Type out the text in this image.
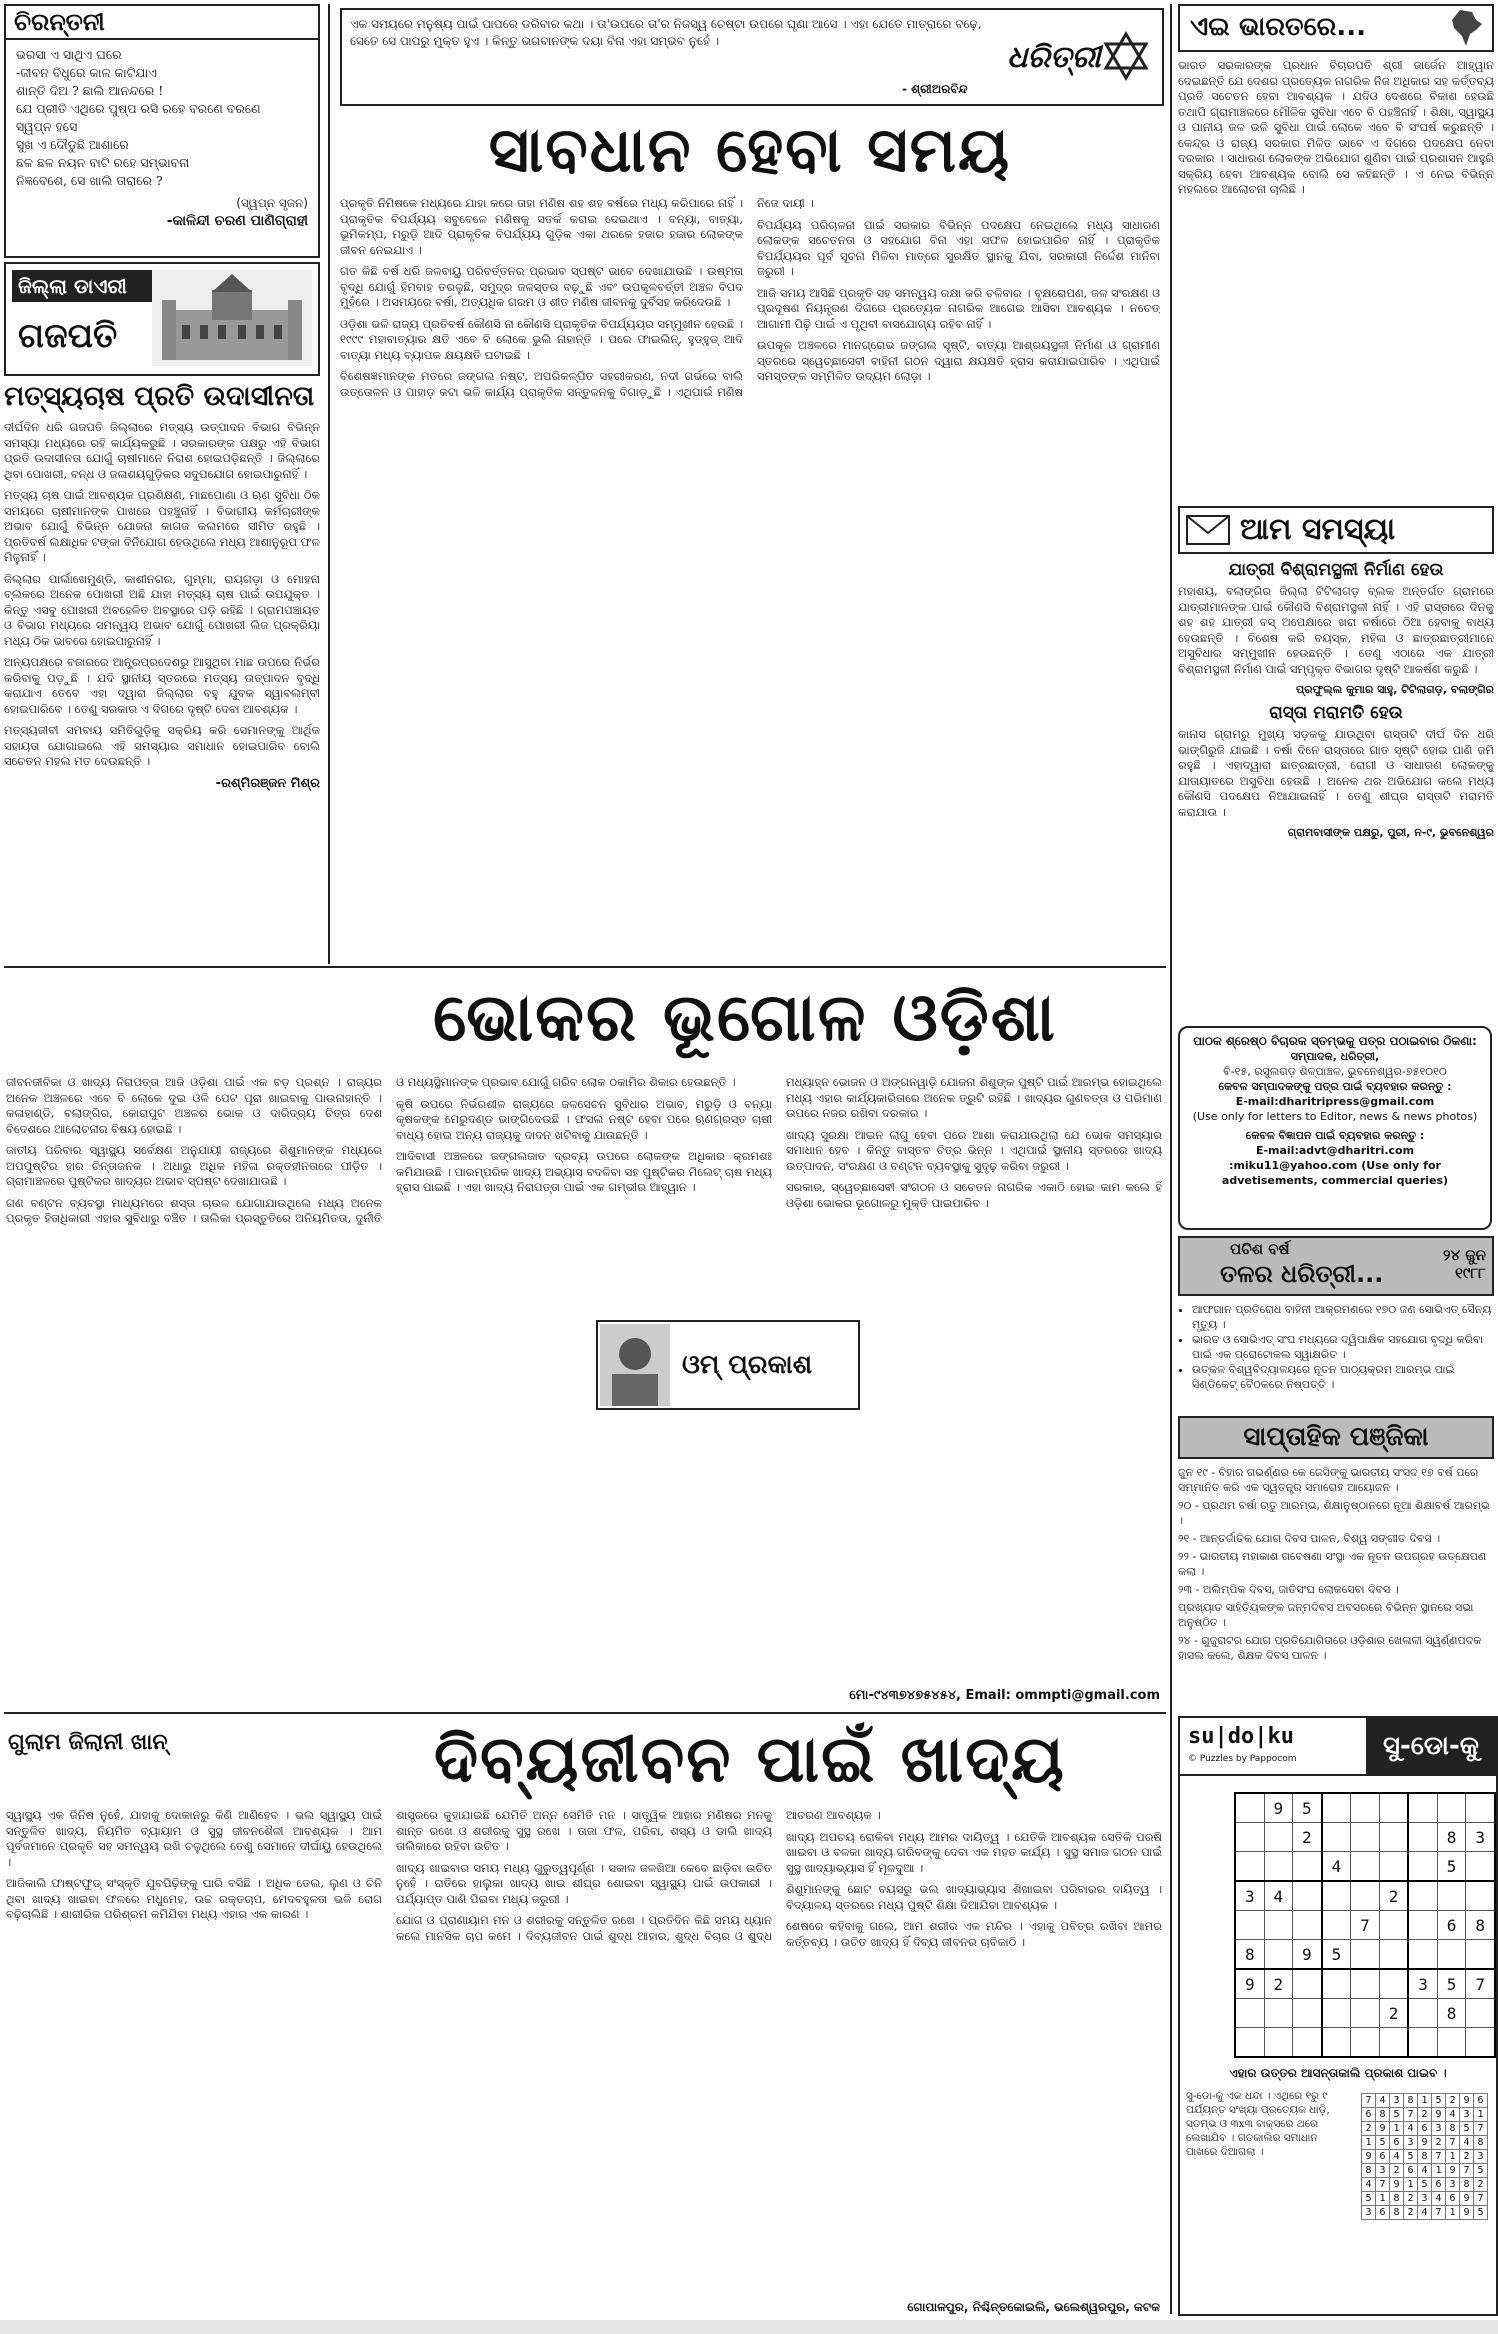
ଚିରନ୍ତନୀ
ଭରସା ଏ ସାଥିଏ ଘରେ
-ଜୀବନ ବିଧୁରେ କାଳ କାଟିଯାଏ
ଶାନ୍ତି ଦିଅ ? ଛାଲି ଆନନ୍ଦରେ !
ଯେ ପ୍ରୀତି ଏଥିରେ ପୁଷ୍ପ ରସି ରହେ ବରଣେ ବରଣେ
ସ୍ୱପ୍ନ ହସେ
ସୁଖ ଏ ଦୌଡୁଛି ଆଶାରେ
ଛଳ ଛଳ ନୟନ ବାଟି ରହେ ସମ୍ଭାବନା
ନିଜ୍ଞବେଶେ, ସେ ଖାଲି ତାରାରେ ?
(ସ୍ୱପ୍ନ ସୃଜନ)
-କାଳିନ୍ଦୀ ଚରଣ ପାଣିଗ୍ରାହୀ
ଜିଲ୍ଲା ଡାଏରୀ
ଗଜପତି
ମତ୍ସ୍ୟଚାଷ ପ୍ରତି ଉଦାସୀନତା

ଦୀର୍ଘଦିନ ଧରି ଗଜପତି ଜିଲ୍ଲାରେ ମତ୍ସ୍ୟ ଉତ୍ପାଦନ ବିଭାଗ ବିଭିନ୍ନ ସମସ୍ୟା ମଧ୍ୟରେ ରହି କାର୍ଯ୍ୟକରୁଛି । ସରକାରଙ୍କ ପକ୍ଷରୁ ଏହି ବିଭାଗ ପ୍ରତି ଉଦାସୀନତା ଯୋଗୁଁ ଚାଷୀମାନେ ନିରାଶ ହୋଇପଡ଼ିଛନ୍ତି । ଜିଲ୍ଲାରେ ଥିବା ପୋଖରୀ, ବନ୍ଧ ଓ ଜଳାଶୟଗୁଡ଼ିକର ସଦୁପଯୋଗ ହୋଇପାରୁନାହିଁ ।

ମତ୍ସ୍ୟ ଚାଷ ପାଇଁ ଆବଶ୍ୟକ ପ୍ରଶିକ୍ଷଣ, ମାଛପୋଣା ଓ ଋଣ ସୁବିଧା ଠିକ ସମୟରେ ଚାଷୀମାନଙ୍କ ପାଖରେ ପହଞ୍ଚୁନାହିଁ । ବିଭାଗୀୟ କର୍ମଚାରୀଙ୍କ ଅଭାବ ଯୋଗୁଁ ବିଭିନ୍ନ ଯୋଜନା କାଗଜ କଲମରେ ସୀମିତ ରହୁଛି । ପ୍ରତିବର୍ଷ ଲକ୍ଷାଧିକ ଟଙ୍କା ବିନିଯୋଗ ହେଉଥିଲେ ମଧ୍ୟ ଆଶାନୁରୂପ ଫଳ ମିଳୁନାହିଁ ।

ଜିଲ୍ଲାର ପାର୍ଲାଖେମୁଣ୍ଡି, କାଶୀନଗର, ଗୁମ୍ମା, ରାୟଗଡ଼ା ଓ ମୋହନା ବ୍ଲକରେ ଅନେକ ପୋଖରୀ ଅଛି ଯାହା ମତ୍ସ୍ୟ ଚାଷ ପାଇଁ ଉପଯୁକ୍ତ । କିନ୍ତୁ ଏସବୁ ପୋଖରୀ ଅବହେଳିତ ଅବସ୍ଥାରେ ପଡ଼ି ରହିଛି । ଗ୍ରାମପଞ୍ଚାୟତ ଓ ବିଭାଗ ମଧ୍ୟରେ ସମନ୍ୱୟ ଅଭାବ ଯୋଗୁଁ ପୋଖରୀ ଲିଜ ପ୍ରକ୍ରିୟା ମଧ୍ୟ ଠିକ ଭାବରେ ହୋଇପାରୁନାହିଁ ।

ଅନ୍ୟପକ୍ଷରେ ବଜାରରେ ଆନ୍ଧ୍ରପ୍ରଦେଶରୁ ଆସୁଥିବା ମାଛ ଉପରେ ନିର୍ଭର କରିବାକୁ ପଡ଼ୁଛି । ଯଦି ସ୍ଥାନୀୟ ସ୍ତରରେ ମତ୍ସ୍ୟ ଉତ୍ପାଦନ ବୃଦ୍ଧି କରାଯାଏ ତେବେ ଏହା ଦ୍ୱାରା ଜିଲ୍ଲାର ବହୁ ଯୁବକ ସ୍ୱାବଲମ୍ବୀ ହୋଇପାରିବେ । ତେଣୁ ସରକାର ଏ ଦିଗରେ ଦୃଷ୍ଟି ଦେବା ଆବଶ୍ୟକ ।

ମତ୍ସ୍ୟଜୀବୀ ସମବାୟ ସମିତିଗୁଡ଼ିକୁ ସକ୍ରିୟ କରି ସେମାନଙ୍କୁ ଆର୍ଥିକ ସହାୟତା ଯୋଗାଇଲେ ଏହି ସମସ୍ୟାର ସମାଧାନ ହୋଇପାରିବ ବୋଲି ସଚେତନ ମହଲ ମତ ଦେଉଛନ୍ତି ।

-ରଶ୍ମିରଞ୍ଜନ ମିଶ୍ର
ଏକ ସମୟରେ ମନୁଷ୍ୟ ପାଇଁ ପାପରେ ଡରିବାର କଥା । ତା'ଉପରେ ତା'ର ନିଜସ୍ୱ ଚେଷ୍ଟା ଉପରେ ଘୃଣା ଆସେ । ଏହା ଯେତେ ମାତ୍ରାରେ ବଢ଼େ, ସେତେ ସେ ପାପରୁ ମୁକ୍ତ ହୁଏ । କିନ୍ତୁ ଭଗବାନଙ୍କ ଦୟା ବିନା ଏହା ସମ୍ଭବ ନୁହେଁ ।
- ଶ୍ରୀଅରବିନ୍ଦ
ଧରିତ୍ରୀ
ସାବଧାନ ହେବା ସମୟ

ପ୍ରକୃତି ନିମିଷକେ ମଧ୍ୟରେ ଯାହା କରେ ତାହା ମଣିଷ ଶହ ଶହ ବର୍ଷରେ ମଧ୍ୟ କରିପାରେ ନାହିଁ । ପ୍ରାକୃତିକ ବିପର୍ଯ୍ୟୟ ସବୁବେଳେ ମଣିଷକୁ ସତର୍କ କରାଇ ଦେଇଥାଏ । ବନ୍ୟା, ବାତ୍ୟା, ଭୂମିକମ୍ପ, ମରୁଡ଼ି ଆଦି ପ୍ରାକୃତିକ ବିପର୍ଯ୍ୟୟ ଗୁଡ଼ିକ ଏକା ଥରକେ ହଜାର ହଜାର ଲୋକଙ୍କ ଜୀବନ ନେଇଯାଏ ।

ଗତ କିଛି ବର୍ଷ ଧରି ଜଳବାୟୁ ପରିବର୍ତ୍ତନର ପ୍ରଭାବ ସ୍ପଷ୍ଟ ଭାବେ ଦେଖାଯାଉଛି । ଉଷ୍ମତା ବୃଦ୍ଧି ଯୋଗୁଁ ହିମବାହ ତରଳୁଛି, ସମୁଦ୍ର ଜଳସ୍ତର ବଢ଼ୁଛି ଏବଂ ଉପକୂଳବର୍ତ୍ତୀ ଅଞ୍ଚଳ ବିପଦ ମୁହଁରେ । ଅସମୟରେ ବର୍ଷା, ଅତ୍ୟଧିକ ଗରମ ଓ ଶୀତ ମଣିଷ ଜୀବନକୁ ଦୁର୍ବିସହ କରିଦେଉଛି ।

ଓଡ଼ିଶା ଭଳି ରାଜ୍ୟ ପ୍ରତିବର୍ଷ କୌଣସି ନା କୌଣସି ପ୍ରାକୃତିକ ବିପର୍ଯ୍ୟୟର ସମ୍ମୁଖୀନ ହେଉଛି । ୧୯୯୯ ମହାବାତ୍ୟାର କ୍ଷତି ଏବେ ବି ଲୋକେ ଭୁଲି ନାହାନ୍ତି । ପରେ ଫାଇଲିନ୍, ହୁଡ୍‌ହୁଡ୍ ଆଦି ବାତ୍ୟା ମଧ୍ୟ ବ୍ୟାପକ କ୍ଷୟକ୍ଷତି ଘଟାଇଛି ।

ବିଶେଷଜ୍ଞମାନଙ୍କ ମତରେ ଜଙ୍ଗଲ ନଷ୍ଟ, ଅପରିକଳ୍ପିତ ସହରୀକରଣ, ନଦୀ ଗର୍ଭରେ ବାଲି ଉତ୍ତୋଳନ ଓ ପାହାଡ଼ କଟା ଭଳି କାର୍ଯ୍ୟ ପ୍ରାକୃତିକ ସନ୍ତୁଳନକୁ ବିଗାଡ଼ୁଛି । ଏଥିପାଇଁ ମଣିଷ ନିଜେ ଦାୟୀ ।

ବିପର୍ଯ୍ୟୟ ପରିଚାଳନା ପାଇଁ ସରକାର ବିଭିନ୍ନ ପଦକ୍ଷେପ ନେଇଥିଲେ ମଧ୍ୟ ସାଧାରଣ ଲୋକଙ୍କ ସଚେତନତା ଓ ସହଯୋଗ ବିନା ଏହା ସଫଳ ହୋଇପାରିବ ନାହିଁ । ପ୍ରାକୃତିକ ବିପର୍ଯ୍ୟୟର ପୂର୍ବ ସୂଚନା ମିଳିବା ମାତ୍ରେ ସୁରକ୍ଷିତ ସ୍ଥାନକୁ ଯିବା, ସରକାରୀ ନିର୍ଦ୍ଦେଶ ମାନିବା ଜରୁରୀ ।

ଆଜି ସମୟ ଆସିଛି ପ୍ରକୃତି ସହ ସମନ୍ୱୟ ରକ୍ଷା କରି ଚଳିବାର । ବୃକ୍ଷରୋପଣ, ଜଳ ସଂରକ୍ଷଣ ଓ ପ୍ରଦୂଷଣ ନିୟନ୍ତ୍ରଣ ଦିଗରେ ପ୍ରତ୍ୟେକ ନାଗରିକ ଆଗେଇ ଆସିବା ଆବଶ୍ୟକ । ନଚେତ୍ ଆଗାମୀ ପିଢ଼ି ପାଇଁ ଏ ପୃଥିବୀ ବାସଯୋଗ୍ୟ ରହିବ ନାହିଁ ।

ଉପକୂଳ ଅଞ୍ଚଳରେ ମାନଗ୍ରୋଭ ଜଙ୍ଗଲ ସୃଷ୍ଟି, ବାତ୍ୟା ଆଶ୍ରୟସ୍ଥଳୀ ନିର୍ମାଣ ଓ ଗ୍ରାମୀଣ ସ୍ତରରେ ସ୍ୱେଚ୍ଛାସେବୀ ବାହିନୀ ଗଠନ ଦ୍ୱାରା କ୍ଷୟକ୍ଷତି ହ୍ରାସ କରାଯାଇପାରିବ । ଏଥିପାଇଁ ସମସ୍ତଙ୍କ ସମ୍ମିଳିତ ଉଦ୍ୟମ ଲୋଡ଼ା ।

ଭୋକର ଭୂଗୋଳ ଓଡ଼ିଶା

ଜୀବନଜୀବିକା ଓ ଖାଦ୍ୟ ନିରାପତ୍ତା ଆଜି ଓଡ଼ିଶା ପାଇଁ ଏକ ବଡ଼ ପ୍ରଶ୍ନ । ରାଜ୍ୟର ଅନେକ ଅଞ୍ଚଳରେ ଏବେ ବି ଲୋକେ ଦୁଇ ଓଳି ପେଟ ପୂରା ଖାଇବାକୁ ପାଉନାହାନ୍ତି । କଳାହାଣ୍ଡି, ବଲାଙ୍ଗିର, କୋରାପୁଟ ଅଞ୍ଚଳର ଭୋକ ଓ ଦାରିଦ୍ର୍ୟ ଚିତ୍ର ଦେଶ ବିଦେଶରେ ଆଲୋଚନାର ବିଷୟ ହୋଇଛି ।

ଜାତୀୟ ପରିବାର ସ୍ୱାସ୍ଥ୍ୟ ସର୍ବେକ୍ଷଣ ଅନୁଯାୟୀ ରାଜ୍ୟରେ ଶିଶୁମାନଙ୍କ ମଧ୍ୟରେ ଅପପୁଷ୍ଟିର ହାର ଚିନ୍ତାଜନକ । ଅଧାରୁ ଅଧିକ ମହିଳା ରକ୍ତହୀନତାରେ ପୀଡ଼ିତ । ଗ୍ରାମାଞ୍ଚଳରେ ପୁଷ୍ଟିକର ଖାଦ୍ୟର ଅଭାବ ସ୍ପଷ୍ଟ ଦେଖାଯାଉଛି ।

ଗଣ ବଣ୍ଟନ ବ୍ୟବସ୍ଥା ମାଧ୍ୟମରେ ଶସ୍ତା ଚାଉଳ ଯୋଗାଯାଉଥିଲେ ମଧ୍ୟ ଅନେକ ପ୍ରକୃତ ହିତାଧିକାରୀ ଏହାର ସୁବିଧାରୁ ବଞ୍ଚିତ । ତାଲିକା ପ୍ରସ୍ତୁତିରେ ଅନିୟମିତତା, ଦୁର୍ନୀତି ଓ ମଧ୍ୟସ୍ଥିମାନଙ୍କ ପ୍ରଭାବ ଯୋଗୁଁ ଗରିବ ଲୋକ ଠକାମିର ଶିକାର ହେଉଛନ୍ତି ।

କୃଷି ଉପରେ ନିର୍ଭରଶୀଳ ରାଜ୍ୟରେ ଜଳସେଚନ ସୁବିଧାର ଅଭାବ, ମରୁଡ଼ି ଓ ବନ୍ୟା କୃଷକଙ୍କ ମେରୁଦଣ୍ଡ ଭାଙ୍ଗିଦେଉଛି । ଫସଲ ନଷ୍ଟ ହେବା ପରେ ଋଣଗ୍ରସ୍ତ ଚାଷୀ ବାଧ୍ୟ ହୋଇ ଅନ୍ୟ ରାଜ୍ୟକୁ ଦାଦନ ଖଟିବାକୁ ଯାଉଛନ୍ତି ।

ଆଦିବାସୀ ଅଞ୍ଚଳରେ ଜଙ୍ଗଲଜାତ ଦ୍ରବ୍ୟ ଉପରେ ଲୋକଙ୍କ ଅଧିକାର କ୍ରମଶଃ କମିଯାଉଛି । ପାରମ୍ପରିକ ଖାଦ୍ୟ ଅଭ୍ୟାସ ବଦଳିବା ସହ ପୁଷ୍ଟିକର ମିଲେଟ୍ ଚାଷ ମଧ୍ୟ ହ୍ରାସ ପାଇଛି । ଏହା ଖାଦ୍ୟ ନିରାପତ୍ତା ପାଇଁ ଏକ ଗମ୍ଭୀର ଆହ୍ୱାନ ।

ମଧ୍ୟାହ୍ନ ଭୋଜନ ଓ ଅଙ୍ଗନୱାଡ଼ି ଯୋଜନା ଶିଶୁଙ୍କ ପୁଷ୍ଟି ପାଇଁ ଆରମ୍ଭ ହୋଇଥିଲେ ମଧ୍ୟ ଏହାର କାର୍ଯ୍ୟକାରିତାରେ ଅନେକ ତ୍ରୁଟି ରହିଛି । ଖାଦ୍ୟର ଗୁଣବତ୍ତା ଓ ପରିମାଣ ଉପରେ ନଜର ରଖିବା ଦରକାର ।

ଖାଦ୍ୟ ସୁରକ୍ଷା ଆଇନ ଲାଗୁ ହେବା ପରେ ଆଶା କରାଯାଉଥିଲା ଯେ ଭୋକ ସମସ୍ୟାର ସମାଧାନ ହେବ । କିନ୍ତୁ ବାସ୍ତବ ଚିତ୍ର ଭିନ୍ନ । ଏଥିପାଇଁ ସ୍ଥାନୀୟ ସ୍ତରରେ ଖାଦ୍ୟ ଉତ୍ପାଦନ, ସଂରକ୍ଷଣ ଓ ବଣ୍ଟନ ବ୍ୟବସ୍ଥାକୁ ସୁଦୃଢ଼ କରିବା ଜରୁରୀ ।

ସରକାର, ସ୍ୱେଚ୍ଛାସେବୀ ସଂଗଠନ ଓ ସଚେତନ ନାଗରିକ ଏକାଠି ହୋଇ କାମ କଲେ ହିଁ ଓଡ଼ିଶା ଭୋକର ଭୂଗୋଳରୁ ମୁକ୍ତି ପାଇପାରିବ ।

ଓମ୍ ପ୍ରକାଶ
ମୋ-୯୪୩୭୪୭୫୪୫୪, Email: ommpti@gmail.com
ଗୁଲାମ ଜିଲାନୀ ଖାନ୍	ଦିବ୍ୟଜୀବନ ପାଇଁ ଖାଦ୍ୟ

ସ୍ୱାସ୍ଥ୍ୟ ଏକ ଜିନିଷ ନୁହେଁ, ଯାହାକୁ ଦୋକାନରୁ କିଣି ଆଣିହେବ । ଭଲ ସ୍ୱାସ୍ଥ୍ୟ ପାଇଁ ସନ୍ତୁଳିତ ଖାଦ୍ୟ, ନିୟମିତ ବ୍ୟାୟାମ ଓ ସୁସ୍ଥ ଜୀବନଶୈଳୀ ଆବଶ୍ୟକ । ଆମ ପୂର୍ବଜମାନେ ପ୍ରକୃତି ସହ ସମନ୍ୱୟ ରଖି ଚଳୁଥିଲେ ତେଣୁ ସେମାନେ ଦୀର୍ଘାୟୁ ହେଉଥିଲେ ।

ଆଜିକାଲି ଫାଷ୍ଟଫୁଡ୍ ସଂସ୍କୃତି ଯୁବପିଢ଼ିଙ୍କୁ ଘାରି ବସିଛି । ଅଧିକ ତେଲ, ଲୁଣ ଓ ଚିନି ଥିବା ଖାଦ୍ୟ ଖାଇବା ଫଳରେ ମଧୁମେହ, ଉଚ୍ଚ ରକ୍ତଚାପ, ମେଦବହୁଳତା ଭଳି ରୋଗ ବଢ଼ିଚାଲିଛି । ଶାରୀରିକ ପରିଶ୍ରମ କମିଯିବା ମଧ୍ୟ ଏହାର ଏକ କାରଣ ।

ଶାସ୍ତ୍ରରେ କୁହାଯାଇଛି ଯେମିତି ଅନ୍ନ ସେମିତି ମନ । ସାତ୍ତ୍ୱିକ ଆହାର ମଣିଷର ମନକୁ ଶାନ୍ତ ରଖେ ଓ ଶରୀରକୁ ସୁସ୍ଥ ରଖେ । ତାଜା ଫଳ, ପରିବା, ଶସ୍ୟ ଓ ଡାଲି ଖାଦ୍ୟ ତାଲିକାରେ ରହିବା ଉଚିତ ।

ଖାଦ୍ୟ ଖାଇବାର ସମୟ ମଧ୍ୟ ଗୁରୁତ୍ୱପୂର୍ଣ୍ଣ । ସକାଳ ଜଳଖିଆ କେବେ ଛାଡ଼ିବା ଉଚିତ ନୁହେଁ । ରାତିରେ ହାଲୁକା ଖାଦ୍ୟ ଖାଇ ଶୀଘ୍ର ଶୋଇବା ସ୍ୱାସ୍ଥ୍ୟ ପାଇଁ ଉପକାରୀ । ପର୍ଯ୍ୟାପ୍ତ ପାଣି ପିଇବା ମଧ୍ୟ ଜରୁରୀ ।

ଯୋଗ ଓ ପ୍ରାଣାୟାମ ମନ ଓ ଶରୀରକୁ ସନ୍ତୁଳିତ ରଖେ । ପ୍ରତିଦିନ କିଛି ସମୟ ଧ୍ୟାନ କଲେ ମାନସିକ ଚାପ କମେ । ଦିବ୍ୟଜୀବନ ପାଇଁ ଶୁଦ୍ଧ ଆହାର, ଶୁଦ୍ଧ ବିଚାର ଓ ଶୁଦ୍ଧ ଆଚରଣ ଆବଶ୍ୟକ ।

ଖାଦ୍ୟ ଅପଚୟ ରୋକିବା ମଧ୍ୟ ଆମର ଦାୟିତ୍ୱ । ଯେତିକି ଆବଶ୍ୟକ ସେତିକି ପରଷି ଖାଇବା ଓ ବଳକା ଖାଦ୍ୟ ଗରିବଙ୍କୁ ଦେବା ଏକ ମହତ କାର୍ଯ୍ୟ । ସୁସ୍ଥ ସମାଜ ଗଠନ ପାଇଁ ସୁସ୍ଥ ଖାଦ୍ୟାଭ୍ୟାସ ହିଁ ମୂଳଦୁଆ ।

ଶିଶୁମାନଙ୍କୁ ଛୋଟ ବୟସରୁ ଭଲ ଖାଦ୍ୟାଭ୍ୟାସ ଶିଖାଇବା ପରିବାରର ଦାୟିତ୍ୱ । ବିଦ୍ୟାଳୟ ସ୍ତରରେ ମଧ୍ୟ ପୁଷ୍ଟି ଶିକ୍ଷା ଦିଆଯିବା ଆବଶ୍ୟକ ।

ଶେଷରେ କହିବାକୁ ଗଲେ, ଆମ ଶରୀର ଏକ ମନ୍ଦିର । ଏହାକୁ ପବିତ୍ର ରଖିବା ଆମର କର୍ତ୍ତବ୍ୟ । ଉଚିତ ଖାଦ୍ୟ ହିଁ ଦିବ୍ୟ ଜୀବନର ଚାବିକାଠି ।

ଗୋପାଳପୁର, ନିଶ୍ଚିନ୍ତକୋଇଲି, ଭଲେଶ୍ୱରପୁର, କଟକ
ଏଇ ଭାରତରେ...
ଭାରତ ସରକାରଙ୍କ ପ୍ରଧାନ ବିଚାରପତି ଶ୍ରୀ ଜାର୍ଜେନ ଆହ୍ୱାନ ଦେଇଛନ୍ତି ଯେ ଦେଶର ପ୍ରତ୍ୟେକ ନାଗରିକ ନିଜ ଅଧିକାର ସହ କର୍ତ୍ତବ୍ୟ ପ୍ରତି ସଚେତନ ହେବା ଆବଶ୍ୟକ । ଯଦିଓ ଦେଶରେ ବିକାଶ ହେଉଛି ତଥାପି ଗ୍ରାମାଞ୍ଚଳରେ ମୌଳିକ ସୁବିଧା ଏବେ ବି ପହଞ୍ଚିନାହିଁ । ଶିକ୍ଷା, ସ୍ୱାସ୍ଥ୍ୟ ଓ ପାନୀୟ ଜଳ ଭଳି ସୁବିଧା ପାଇଁ ଲୋକେ ଏବେ ବି ସଂଘର୍ଷ କରୁଛନ୍ତି । କେନ୍ଦ୍ର ଓ ରାଜ୍ୟ ସରକାର ମିଳିତ ଭାବେ ଏ ଦିଗରେ ପଦକ୍ଷେପ ନେବା ଦରକାର । ସାଧାରଣ ଲୋକଙ୍କ ଅଭିଯୋଗ ଶୁଣିବା ପାଇଁ ପ୍ରଶାସନ ଆହୁରି ସକ୍ରିୟ ହେବା ଆବଶ୍ୟକ ବୋଲି ସେ କହିଛନ୍ତି । ଏ ନେଇ ବିଭିନ୍ନ ମହଲରେ ଆଲୋଚନା ଚାଲିଛି ।
ଆମ ସମସ୍ୟା
ଯାତ୍ରୀ ବିଶ୍ରାମସ୍ଥଳୀ ନିର୍ମାଣ ହେଉ
ମହାଶୟ, ବଲାଙ୍ଗିର ଜିଲ୍ଲା ଟିଟିଲାଗଡ଼ ବ୍ଲକ ଅନ୍ତର୍ଗତ ଗ୍ରାମରେ ଯାତ୍ରୀମାନଙ୍କ ପାଇଁ କୌଣସି ବିଶ୍ରାମସ୍ଥଳୀ ନାହିଁ । ଏହି ରାସ୍ତାରେ ଦିନକୁ ଶହ ଶହ ଯାତ୍ରୀ ବସ୍ ଅପେକ୍ଷାରେ ଖରା ବର୍ଷାରେ ଠିଆ ହେବାକୁ ବାଧ୍ୟ ହେଉଛନ୍ତି । ବିଶେଷ କରି ବୟସ୍କ, ମହିଳା ଓ ଛାତ୍ରଛାତ୍ରୀମାନେ ଅସୁବିଧାର ସମ୍ମୁଖୀନ ହେଉଛନ୍ତି । ତେଣୁ ଏଠାରେ ଏକ ଯାତ୍ରୀ ବିଶ୍ରାମସ୍ଥଳୀ ନିର୍ମାଣ ପାଇଁ ସମ୍ପୃକ୍ତ ବିଭାଗର ଦୃଷ୍ଟି ଆକର୍ଷଣ କରୁଛି ।
ପ୍ରଫୁଲ୍ଲ କୁମାର ସାହୁ, ଟିଟିଲାଗଡ଼, ବଲାଙ୍ଗିର
ରାସ୍ତା ମରାମତି ହେଉ
କାନାସ ଗ୍ରାମରୁ ମୁଖ୍ୟ ସଡ଼କକୁ ଯାଉଥିବା ରାସ୍ତାଟି ଦୀର୍ଘ ଦିନ ଧରି ଭାଙ୍ଗିରୁଜି ଯାଇଛି । ବର୍ଷା ଦିନେ ରାସ୍ତାରେ ଗାତ ସୃଷ୍ଟି ହୋଇ ପାଣି ଜମି ରହୁଛି । ଏହାଦ୍ୱାରା ଛାତ୍ରଛାତ୍ରୀ, ରୋଗୀ ଓ ସାଧାରଣ ଲୋକଙ୍କୁ ଯାତାୟାତରେ ଅସୁବିଧା ହେଉଛି । ଅନେକ ଥର ଅଭିଯୋଗ କଲେ ମଧ୍ୟ କୌଣସି ପଦକ୍ଷେପ ନିଆଯାଇନାହିଁ । ତେଣୁ ଶୀଘ୍ର ରାସ୍ତାଟି ମରାମତି କରାଯାଉ ।
ଗ୍ରାମବାସୀଙ୍କ ପକ୍ଷରୁ, ପୁରୀ, ନ-୯, ଭୁବନେଶ୍ୱର
ପାଠକ ଶ୍ରେଷ୍ଠ ବିଚାରକ ସ୍ତମ୍ଭକୁ ପତ୍ର ପଠାଇବାର ଠିକଣା:
ସମ୍ପାଦକ, ଧରିତ୍ରୀ,
ବି-୧୫, ରସୁଲଗଡ଼ ଶିଳ୍ପାଞ୍ଚଳ, ଭୁବନେଶ୍ୱର-୭୫୧୦୧୦
କେବଳ ସମ୍ପାଦକଙ୍କୁ ପତ୍ର ପାଇଁ ବ୍ୟବହାର କରନ୍ତୁ :
E-mail:dharitripress@gmail.com
(Use only for letters to Editor, news & news photos)
କେବଳ ବିଜ୍ଞାପନ ପାଇଁ ବ୍ୟବହାର କରନ୍ତୁ :
E-mail:advt@dharitri.com
:miku11@yahoo.com (Use only for
advetisements, commercial queries)
ପଚିଶ ବର୍ଷ
ତଳର ଧରିତ୍ରୀ...
୨୪ ଜୁନ ୧୯୮୮
• ଆଫଗାନ ପ୍ରତିରୋଧ ବାହିନୀ ଆକ୍ରମଣରେ ୧୭୦ ଜଣ ସୋଭିଏତ୍ ସୈନ୍ୟ ମୃତ୍ୟୁ ।
• ଭାରତ ଓ ସୋଭିଏତ୍ ସଂଘ ମଧ୍ୟରେ ଦ୍ୱିପାକ୍ଷିକ ସହଯୋଗ ବୃଦ୍ଧି କରିବା ପାଇଁ ଏକ ପ୍ରୋଟୋକଲ ସ୍ୱାକ୍ଷରିତ ।
• ଉତ୍କଳ ବିଶ୍ୱବିଦ୍ୟାଳୟରେ ନୂତନ ପାଠ୍ୟକ୍ରମ ଆରମ୍ଭ ପାଇଁ ସିଣ୍ଡିକେଟ୍ ବୈଠକରେ ନିଷ୍ପତ୍ତି ।
ସାପ୍ତାହିକ ପଞ୍ଜିକା
ଜୁନ ୧୯ - ବିହାର ଗଭର୍ଣ୍ଣର କେ ଜେସିଙ୍କୁ ଭାରତୀୟ ସଂସଦ ୧୭ ବର୍ଷ ପରେ ସମ୍ମାନିତ କରି ଏକ ସ୍ୱତନ୍ତ୍ର ସମାରୋହ ଆୟୋଜନ ।
୨୦ - ପ୍ରଥମ ବର୍ଷା ଋତୁ ଆରମ୍ଭ, ଶିକ୍ଷାନୁଷ୍ଠାନରେ ନୂଆ ଶିକ୍ଷାବର୍ଷ ଆରମ୍ଭ ।
୨୧ - ଆନ୍ତର୍ଜାତିକ ଯୋଗ ଦିବସ ପାଳନ, ବିଶ୍ୱ ସଙ୍ଗୀତ ଦିବସ ।
୨୨ - ଭାରତୀୟ ମହାକାଶ ଗବେଷଣା ସଂସ୍ଥା ଏକ ନୂତନ ଉପଗ୍ରହ ଉତ୍କ୍ଷେପଣ କଲା ।
୨୩ - ଅଲିମ୍ପିକ ଦିବସ, ଜାତିସଂଘ ଲୋକସେବା ଦିବସ ।
ପ୍ରଖ୍ୟାତ ସାହିତ୍ୟିକଙ୍କ ଜନ୍ମଦିବସ ଅବସରରେ ବିଭିନ୍ନ ସ୍ଥାନରେ ସଭା ଅନୁଷ୍ଠିତ ।
୨୪ - ଗୁଜୁରାଟର ଯୋଗ ପ୍ରତିଯୋଗିତାରେ ଓଡ଼ିଶାର ଖେଳାଳୀ ସ୍ୱର୍ଣ୍ଣପଦକ ହାସଲ କଲେ, ଶିକ୍ଷକ ଦିବସ ପାଳନ ।
su|do|ku
© Puzzles by Pappocom	ସୁ-ଡୋ-କୁ
	9	5						
		2					8	3
			4				5	
3	4				2			
				7			6	8
8		9	5					
9	2					3	5	7
					2		8	

ଏହାର ଉତ୍ତର ଆସନ୍ତାକାଲି ପ୍ରକାଶ ପାଇବ ।
ସୁ-ଡୋ-କୁ ଏକ ଧନ୍ଦା । ଏଥିରେ ୧ରୁ ୯ ପର୍ଯ୍ୟନ୍ତ ସଂଖ୍ୟା ପ୍ରତ୍ୟେକ ଧାଡ଼ି, ସ୍ତମ୍ଭ ଓ ୩x୩ ବାକ୍ସରେ ଥରେ ଲେଖାଯିବ । ଗତକାଲିର ସମାଧାନ ପାଖରେ ଦିଆଗଲା ।
7	4	3	8	1	5	2	9	6
6	8	5	7	2	9	4	3	1
2	9	1	4	6	3	8	5	7
1	5	6	3	9	2	7	4	8
9	6	4	5	8	7	1	2	3
8	3	2	6	4	1	9	7	5
4	7	9	1	5	6	3	8	2
5	1	8	2	3	4	6	9	7
3	6	8	2	4	7	1	9	5
